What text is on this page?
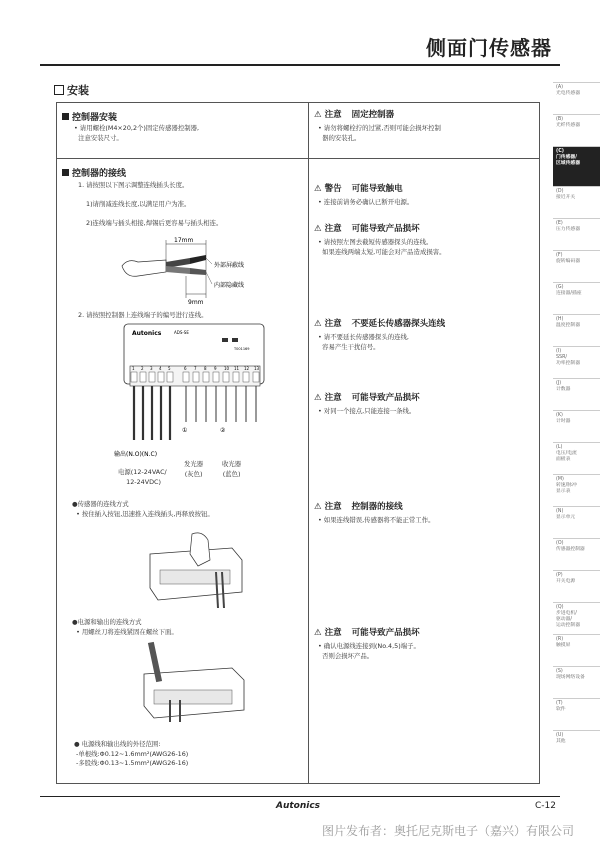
侧面门传感器
安装
控制器安装
• 请用螺栓(M4×20,2个)固定传感器控制器,
注意安装尺寸。
控制器的接线
1. 请按照以下图示调整连线插头长度。
1)请削减连线长度,以满足用户为准。
2)连线端与插头相接,焊锡后更容易与插头相连。
17mm
9mm
外部屏蔽线
内部隐藏线
2. 请按照控制器上连线端子的编号进行连线。
Autonics	ADS-SE
T001169
1 2 3 4 5	6 7 8 9 10 11 12 13
输出(N.O)(N.C)
①	②
电源(12-24VAC/
12-24VDC)
发光器
(灰色)
收光器
(蓝色)
●传感器的连线方式
• 按住插入按钮,迅速推入连线插头,再释放按钮。
●电源和输出的连线方式
• 用螺丝刀将连线紧固在螺丝下面。
● 电源线和输出线的外径范围:
-单根线:Φ0.12~1.6mm²(AWG26-16)
-多股线:Φ0.13~1.5mm²(AWG26-16)
⚠ 注意 固定控制器
• 请勿将螺栓拧的过紧,否则可能会损坏控制
器的安装孔。
⚠ 警告 可能导致触电
• 连接前请务必确认已断开电源。
⚠ 注意 可能导致产品损坏
• 请按照左图去截短传感器探头的连线。
如果连线两端太短,可能会对产品造成损害。
⚠ 注意 不要延长传感器探头连线
• 请不要延长传感器探头的连线,
容易产生干扰信号。
⚠ 注意 可能导致产品损坏
• 对同一个接点,只能连接一条线。
⚠ 注意 控制器的接线
• 如果连线错误,传感器将不能正常工作。
⚠ 注意 可能导致产品损坏
• 确认电源线连接到(No.4,5)端子。
否则会损坏产品。
(A)
光电传感器
(B)
光纤传感器
(C)
门传感器/
区域传感器
(D)
接近开关
(E)
压力传感器
(F)
旋转编码器
(G)
连接器/插座
(H)
温度控制器
(I)
SSR/
功率控制器
(J)
计数器
(K)
计时器
(L)
电压/电流
面板表
(M)
转速/脉冲
显示表
(N)
显示单元
(O)
传感器控制器
(P)
开关电源
(Q)
步进电机/
驱动器/
运动控制器
(R)
触摸屏
(S)
现场网络设备
(T)
软件
(U)
其他
Autonics	C-12
图片发布者：奥托尼克斯电子（嘉兴）有限公司
